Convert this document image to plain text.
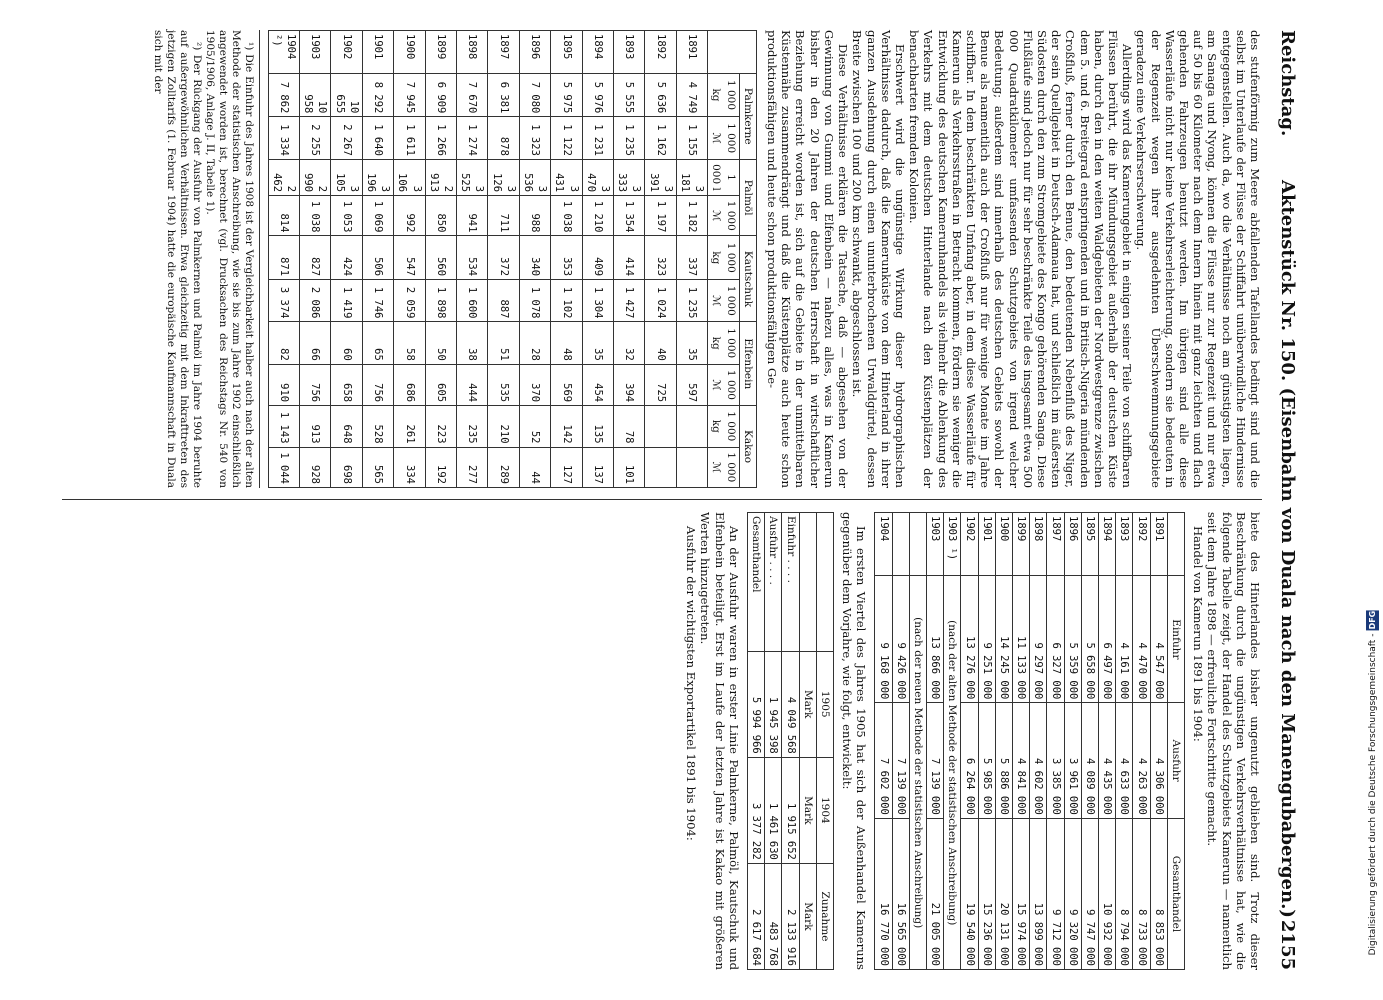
Reichstag.
Aktenstück Nr. 150. (Eisenbahn von Duala nach den Manengubabergen.)
2155

des stufenförmig zum Meere abfallenden Tafellandes bedingt sind und die selbst im Unterlaufe der Flüsse der Schiffahrt unüberwindliche Hindernisse entgegenstellen. Auch da, wo die Verhältnisse noch am günstigsten liegen, am Sanaga und Nyong, können die Flüsse nur zur Regenzeit und nur etwa auf 50 bis 60 Kilometer nach dem Innern hinein mit ganz leichten und flach gehenden Fahrzeugen benutzt werden. Im übrigen sind alle diese Wasserläufe nicht nur keine Verkehrserleichterung, sondern sie bedeuten in der Regenzeit wegen ihrer ausgedehnten Überschwemmungsgebiete geradezu eine Verkehrserschwerung.

Allerdings wird das Kamerungebiet in einigen seiner Teile von schiffbaren Flüssen berührt, die ihr Mündungsgebiet außerhalb der deutschen Küste haben, durch den in den weiten Waldgebieten der Nordwestgrenze zwischen dem 5. und 6. Breitegrad entspringenden und in Britisch-Nigeria mündenden Croßfluß, ferner durch den Benue, den bedeutenden Nebenfluß des Niger, der sein Quellgebiet in Deutsch-Adamaua hat, und schließlich im äußersten Südosten durch den zum Stromgebiete des Kongo gehörenden Sanga. Diese Flußläufe sind jedoch nur für sehr beschränkte Teile des insgesamt etwa 500 000 Quadratkilometer umfassenden Schutzgebiets von irgend welcher Bedeutung; außerdem sind innerhalb des deutschen Gebiets sowohl der Benue als namentlich auch der Croßfluß nur für wenige Monate im Jahre schiffbar. In dem beschränkten Umfang aber, in dem diese Wasserläufe für Kamerun als Verkehrsstraßen in Betracht kommen, fördern sie weniger die Entwicklung des deutschen Kamerunhandels als vielmehr die Ablenkung des Verkehrs mit dem deutschen Hinterlande nach den Küstenplätzen der benachbarten fremden Kolonien.

Erschwert wird die ungünstige Wirkung dieser hydrographischen Verhältnisse dadurch, daß die Kamerunküste von dem Hinterland in ihrer ganzen Ausdehnung durch einen ununterbrochenen Urwaldgürtel, dessen Breite zwischen 100 und 200 km schwankt, abgeschlossen ist.

Diese Verhältnisse erklären die Tatsache, daß — abgesehen von der Gewinnung von Gummi und Elfenbein — nahezu alles, was in Kamerun bisher in den 20 Jahren der deutschen Herrschaft in wirtschaftlicher Beziehung erreicht worden ist, sich auf die Gebiete in der unmittelbaren Küstennähe zusammendrängt und daß die Küstenplätze auch heute schon produktionsfähigen und heute schon produktionsfähigen Ge-

	Palmkerne		Palmöl		Kautschuk		Elfenbein		Kakao	
	1 000 kg	1 000 ℳ	1 000 l	1 000 ℳ	1 000 kg	1 000 ℳ	1 000 kg	1 000 ℳ	1 000 kg	1 000 ℳ
1891	4 749	1 155	3 181	1 182	337	1 235	35	597		
1892	5 636	1 162	3 391	1 197	323	1 024	40	725		
1893	5 555	1 235	3 333	1 354	414	1 427	32	394	78	101
1894	5 976	1 231	3 470	1 210	409	1 304	35	454	135	137
1895	5 975	1 122	3 431	1 038	353	1 102	48	569	142	127
1896	7 080	1 323	3 536	988	340	1 078	28	370	52	44
1897	6 381	878	3 126	711	372	887	51	535	210	289
1898	7 670	1 274	3 525	941	534	1 600	38	444	235	277
1899	6 909	1 266	2 913	850	560	1 898	50	605	223	192
1900	7 945	1 611	3 106	992	547	2 059	58	686	261	334
1901	8 292	1 640	3 196	1 069	506	1 746	65	756	528	565
1902	10 655	2 267	3 105	1 053	424	1 419	60	658	648	698
1903	10 958	2 255	2 990	1 038	827	2 086	66	756	913	928
1904 ²)	7 862	1 334	2 462	814	871	3 374	82	910	1 143	1 044

¹) Die Einfuhr des Jahres 1908 ist der Vergleichbarkeit halber auch nach der alten Methode der statistischen Anschreibung, wie sie bis zum Jahre 1902 einschließlich angewendet worden ist, berechnet (vgl. Drucksachen des Reichstags Nr. 540 von 1905/1906, Anlage J. II, Tabelle 1).

²) Der Rückgang der Ausfuhr von Palmkernen und Palmöl im Jahre 1904 beruhte auf außergewöhnlichen Verhältnissen. Etwa gleichzeitig mit dem Inkrafttreten des jetzigen Zolltarifs (1. Februar 1904) hatte die europäische Kaufmannschaft in Duala sich mit der

biete des Hinterlandes bisher ungenutzt geblieben sind. Trotz dieser Beschränkung durch die ungünstigen Verkehrsverhältnisse hat, wie die folgende Tabelle zeigt, der Handel des Schutzgebiets Kamerun — namentlich seit dem Jahre 1898 — erfreuliche Fortschritte gemacht.

Handel von Kamerun 1891 bis 1904:

	Einfuhr	Ausfuhr	Gesamthandel
1891	4 547 000	4 306 000	8 853 000
1892	4 470 000	4 263 000	8 733 000
1893	4 161 000	4 633 000	8 794 000
1894	6 497 000	4 435 000	10 932 000
1895	5 658 000	4 089 000	9 747 000
1896	5 359 000	3 961 000	9 320 000
1897	6 327 000	3 385 000	9 712 000
1898	9 297 000	4 602 000	13 899 000
1899	11 133 000	4 841 000	15 974 000
1900	14 245 000	5 886 000	20 131 000
1901	9 251 000	5 985 000	15 236 000
1902	13 276 000	6 264 000	19 540 000
1903 ¹)	(nach der alten Methode der statistischen Anschreibung)		
1903	13 866 000	7 139 000	21 005 000
	(nach der neuen Methode der statistischen Anschreibung)		
	9 426 000	7 139 000	16 565 000
1904	9 168 000	7 602 000	16 770 000

Im ersten Viertel des Jahres 1905 hat sich der Außenhandel Kameruns gegenüber dem Vorjahre, wie folgt, entwickelt:

	1905	1904	Zunahme
	Mark	Mark	Mark
Einfuhr . . . .	4 049 568	1 915 652	2 133 916
Ausfuhr . . . .	1 945 398	1 461 630	483 768
Gesamthandel	5 994 966	3 377 282	2 617 684

An der Ausfuhr waren in erster Linie Palmkerne, Palmöl, Kautschuk und Elfenbein beteiligt. Erst im Laufe der letzten Jahre ist Kakao mit größeren Werten hinzugetreten.

Ausfuhr der wichtigsten Exportartikel 1891 bis 1904:	Digitalisierung gefördert durch die Deutsche Forschungsgemeinschaft - DFG
